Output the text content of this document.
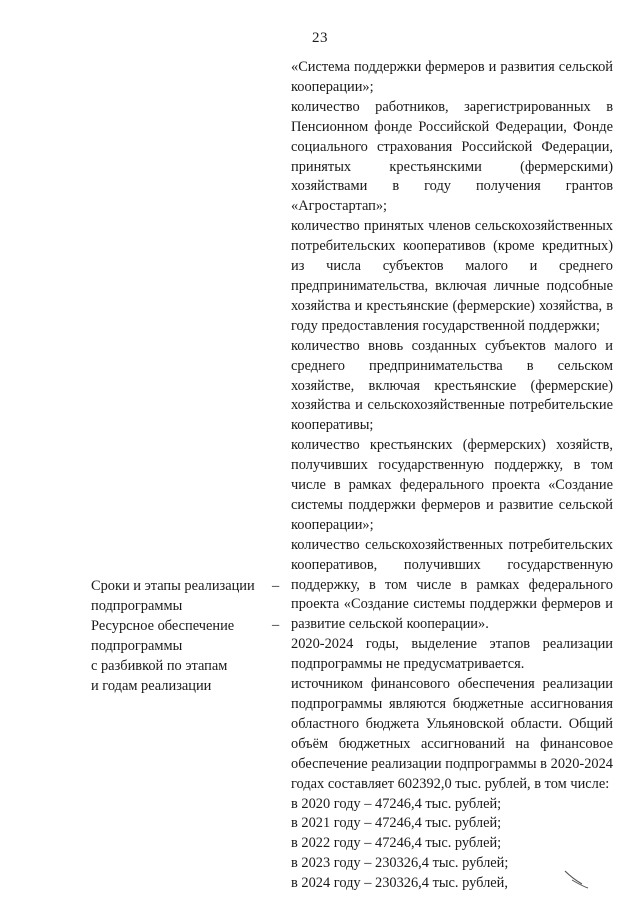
23
Сроки и этапы реализации
подпрограммы
Ресурсное обеспечение
подпрограммы
с разбивкой по этапам
и годам реализации
–
–
«Система поддержки фермеров и развития сельской кооперации»;
количество работников, зарегистрированных в Пенсионном фонде Российской Федерации, Фонде социального страхования Российской Федерации, принятых крестьянскими (фермерскими) хозяйствами в году получения грантов «Агростартап»;
количество принятых членов сельскохозяйственных потребительских кооперативов (кроме кредитных) из числа субъектов малого и среднего предпринимательства, включая личные подсобные хозяйства и крестьянские (фермерские) хозяйства, в году предоставления государственной поддержки;
количество вновь созданных субъектов малого и среднего предпринимательства в сельском хозяйстве, включая крестьянские (фермерские) хозяйства и сельскохозяйственные потребительские кооперативы;
количество крестьянских (фермерских) хозяйств, получивших государственную поддержку, в том числе в рамках федерального проекта «Создание системы поддержки фермеров и развитие сельской кооперации»;
количество сельскохозяйственных потребительских кооперативов, получивших государственную поддержку, в том числе в рамках федерального проекта «Создание системы поддержки фермеров и развитие сельской кооперации».
2020-2024 годы, выделение этапов реализации подпрограммы не предусматривается.
источником финансового обеспечения реализации подпрограммы являются бюджетные ассигнования областного бюджета Ульяновской области. Общий объём бюджетных ассигнований на финансовое обеспечение реализации подпрограммы в 2020-2024 годах составляет 602392,0 тыс. рублей, в том числе:
в 2020 году – 47246,4 тыс. рублей;
в 2021 году – 47246,4 тыс. рублей;
в 2022 году – 47246,4 тыс. рублей;
в 2023 году – 230326,4 тыс. рублей;
в 2024 году – 230326,4 тыс. рублей,
